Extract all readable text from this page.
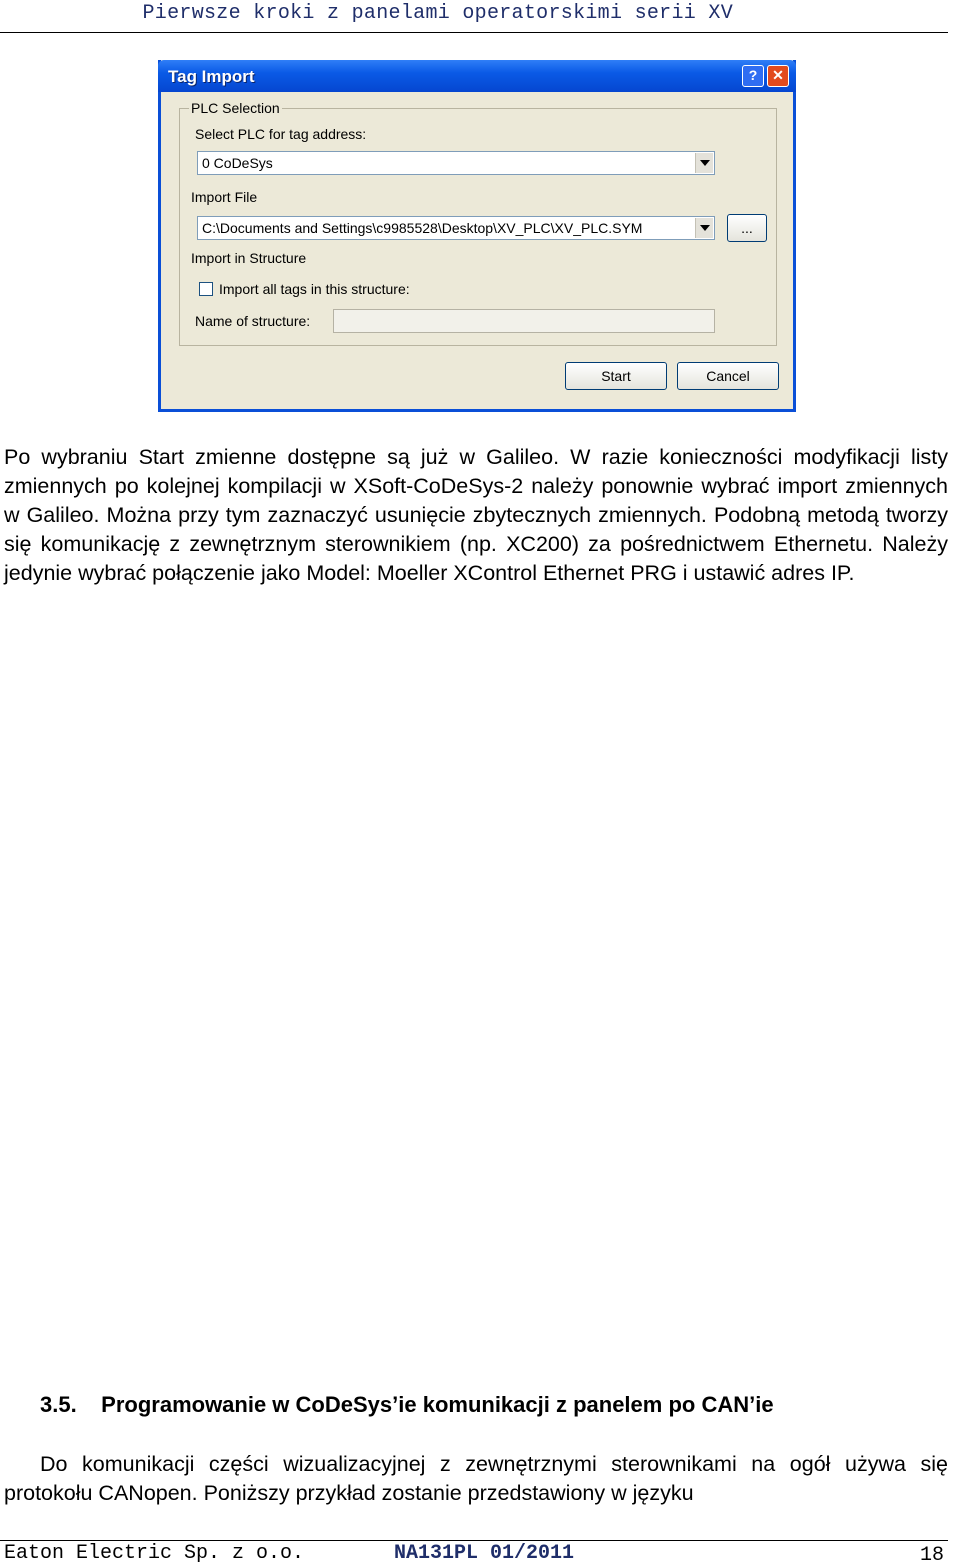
Pierwsze kroki z panelami operatorskimi serii XV
Tag Import	?	✕
PLC Selection
Select PLC for tag address:
0 CoDeSys
Import File
C:\Documents and Settings\c9985528\Desktop\XV_PLC\XV_PLC.SYM	...
Import in Structure
Import all tags in this structure:
Name of structure:
Start	Cancel

Po wybraniu Start zmienne dostępne są już w Galileo. W razie konieczności modyfikacji listy zmiennych po kolejnej kompilacji w XSoft-CoDeSys-2 należy ponownie wybrać import zmiennych w Galileo. Można przy tym zaznaczyć usunięcie zbytecznych zmiennych. Podobną metodą tworzy się komunikację z zewnętrznym sterownikiem (np. XC200) za pośrednictwem Ethernetu. Należy jedynie wybrać połączenie jako Model: Moeller XControl Ethernet PRG i ustawić adres IP.

3.5. Programowanie w CoDeSys’ie komunikacji z panelem po CAN’ie

Do komunikacji części wizualizacyjnej z zewnętrznymi sterownikami na ogół używa się protokołu CANopen. Poniższy przykład zostanie przedstawiony w języku

Eaton Electric Sp. z o.o.	NA131PL 01/2011	18
